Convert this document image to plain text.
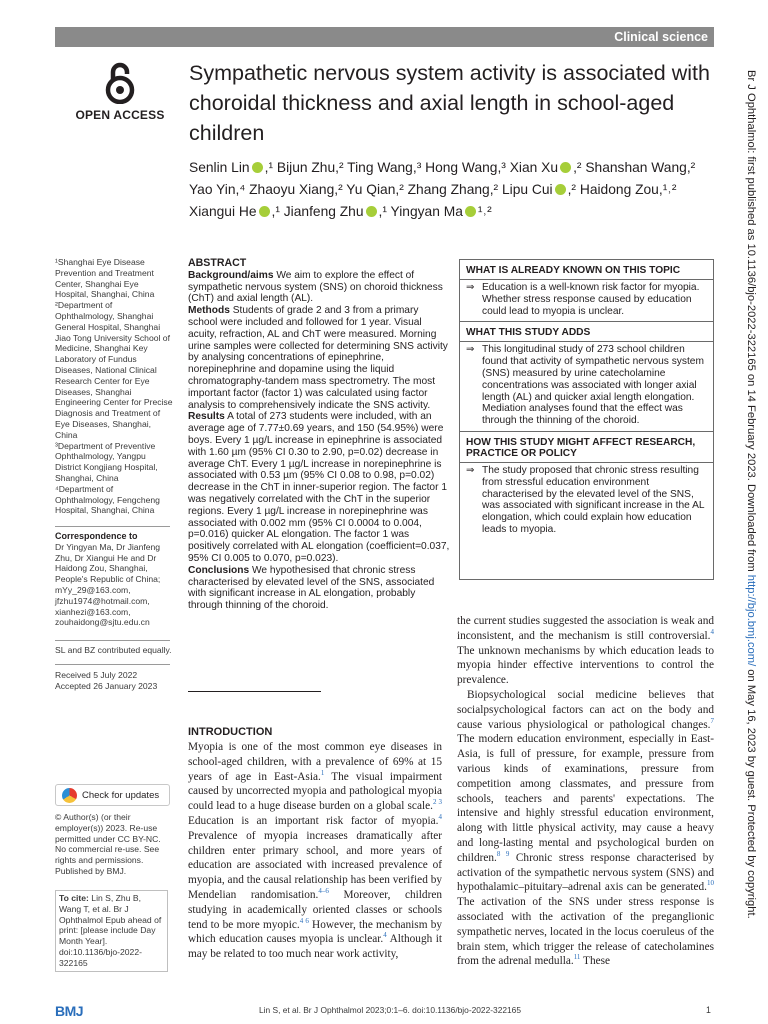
Clinical science
OPEN ACCESS
Sympathetic nervous system activity is associated with choroidal thickness and axial length in school-aged children
Senlin Lin ,¹ Bijun Zhu,² Ting Wang,³ Hong Wang,³ Xian Xu ,² Shanshan Wang,²
Yao Yin,⁴ Zhaoyu Xiang,² Yu Qian,² Zhang Zhang,² Lipu Cui ,² Haidong Zou,¹˒²
Xiangui He ,¹ Jianfeng Zhu ,¹ Yingyan Ma ¹˒²
¹Shanghai Eye Disease Prevention and Treatment Center, Shanghai Eye Hospital, Shanghai, China
²Department of Ophthalmology, Shanghai General Hospital, Shanghai Jiao Tong University School of Medicine, Shanghai Key Laboratory of Fundus Diseases, National Clinical Research Center for Eye Diseases, Shanghai Engineering Center for Precise Diagnosis and Treatment of Eye Diseases, Shanghai, China
³Department of Preventive Ophthalmology, Yangpu District Kongjiang Hospital, Shanghai, China
⁴Department of Ophthalmology, Fengcheng Hospital, Shanghai, China
Correspondence to
Dr Yingyan Ma, Dr Jianfeng Zhu, Dr Xiangui He and Dr Haidong Zou, Shanghai, People's Republic of China; mYy_29@163.com, jfzhu1974@hotmail.com, xianhezi@163.com, zouhaidong@sjtu.edu.cn
SL and BZ contributed equally.
Received 5 July 2022
Accepted 26 January 2023
Check for updates
© Author(s) (or their employer(s)) 2023. Re-use permitted under CC BY-NC. No commercial re-use. See rights and permissions. Published by BMJ.
To cite: Lin S, Zhu B, Wang T, et al. Br J Ophthalmol Epub ahead of print: [please include Day Month Year]. doi:10.1136/bjo-2022-322165
ABSTRACT
Background/aims We aim to explore the effect of sympathetic nervous system (SNS) on choroid thickness (ChT) and axial length (AL).
Methods Students of grade 2 and 3 from a primary school were included and followed for 1 year. Visual acuity, refraction, AL and ChT were measured. Morning urine samples were collected for determining SNS activity by analysing concentrations of epinephrine, norepinephrine and dopamine using the liquid chromatography-tandem mass spectrometry. The most important factor (factor 1) was calculated using factor analysis to comprehensively indicate the SNS activity.
Results A total of 273 students were included, with an average age of 7.77±0.69 years, and 150 (54.95%) were boys. Every 1 µg/L increase in epinephrine is associated with 1.60 µm (95% CI 0.30 to 2.90, p=0.02) decrease in average ChT. Every 1 µg/L increase in norepinephrine is associated with 0.53 µm (95% CI 0.08 to 0.98, p=0.02) decrease in the ChT in inner-superior region. The factor 1 was negatively correlated with the ChT in the superior regions. Every 1 µg/L increase in norepinephrine was associated with 0.002 mm (95% CI 0.0004 to 0.004, p=0.016) quicker AL elongation. The factor 1 was positively correlated with AL elongation (coefficient=0.037, 95% CI 0.005 to 0.070, p=0.023).
Conclusions We hypothesised that chronic stress characterised by elevated level of the SNS, associated with significant increase in AL elongation, probably through thinning of the choroid.
WHAT IS ALREADY KNOWN ON THIS TOPIC
⇒ Education is a well-known risk factor for myopia. Whether stress response caused by education could lead to myopia is unclear.
WHAT THIS STUDY ADDS
⇒ This longitudinal study of 273 school children found that activity of sympathetic nervous system (SNS) measured by urine catecholamine concentrations was associated with longer axial length (AL) and quicker axial length elongation. Mediation analyses found that the effect was through the thinning of the choroid.
HOW THIS STUDY MIGHT AFFECT RESEARCH, PRACTICE OR POLICY
⇒ The study proposed that chronic stress resulting from stressful education environment characterised by the elevated level of the SNS, was associated with significant increase in the AL elongation, which could explain how education leads to myopia.
INTRODUCTION
Myopia is one of the most common eye diseases in school-aged children, with a prevalence of 69% at 15 years of age in East-Asia.$^1$ The visual impairment caused by uncorrected myopia and pathological myopia could lead to a huge disease burden on a global scale.$^{2 3}$ Education is an important risk factor of myopia.$^4$ Prevalence of myopia increases dramatically after children enter primary school, and more years of education are associated with increased prevalence of myopia, and the causal relationship has been verified by Mendelian randomisation.$^{4-6}$ Moreover, children studying in academically oriented classes or schools tend to be more myopic.$^{4 6}$ However, the mechanism by which education causes myopia is unclear.$^4$ Although it may be related to too much near work activity,
the current studies suggested the association is weak and inconsistent, and the mechanism is still controversial.$^4$ The unknown mechanisms by which education leads to myopia hinder effective interventions to control the prevalence.
Biopsychological social medicine believes that socialpsychological factors can act on the body and cause various physiological or pathological changes.$^7$ The modern education environment, especially in East-Asia, is full of pressure, for example, pressure from various kinds of examinations, pressure from competition among classmates, and pressure from schools, teachers and parents' expectations. The intensive and highly stressful education environment, along with little physical activity, may cause a heavy and long-lasting mental and psychological burden on children.$^{8 9}$ Chronic stress response characterised by activation of the sympathetic nervous system (SNS) and hypothalamic–pituitary–adrenal axis can be generated.$^{10}$ The activation of the SNS under stress response is associated with the activation of the preganglionic sympathetic nerves, located in the locus coeruleus of the brain stem, which trigger the release of catecholamines from the adrenal medulla.$^{11}$ These
Br J Ophthalmol: first published as 10.1136/bjo-2022-322165 on 14 February 2023. Downloaded from http://bjo.bmj.com/ on May 16, 2023 by guest. Protected by copyright.
BMJ	Lin S, et al. Br J Ophthalmol 2023;0:1–6. doi:10.1136/bjo-2022-322165	1
